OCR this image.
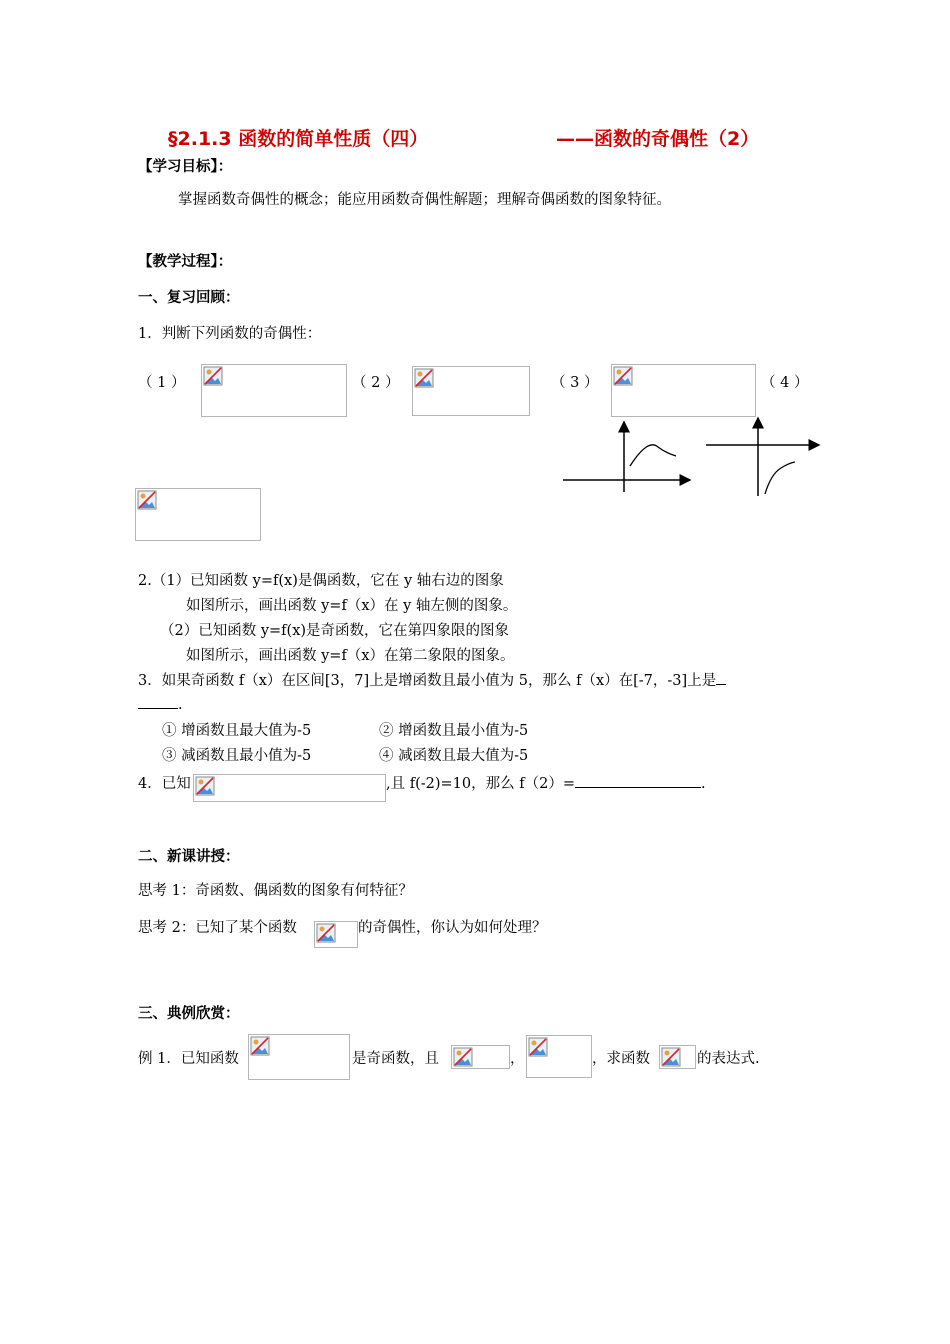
§2.1.3 函数的简单性质（四）	——函数的奇偶性（2）
【学习目标】：
掌握函数奇偶性的概念；能应用函数奇偶性解题；理解奇偶函数的图象特征。
【教学过程】：
一、复习回顾：
1．判断下列函数的奇偶性：
（ 1 ）	（ 2 ）	（ 3 ）	（ 4 ）
2.（1）已知函数 y=f(x)是偶函数，它在 y 轴右边的图象
如图所示，画出函数 y=f（x）在 y 轴左侧的图象。
（2）已知函数 y=f(x)是奇函数，它在第四象限的图象
如图所示，画出函数 y=f（x）在第二象限的图象。
3．如果奇函数 f（x）在区间[3，7]上是增函数且最小值为 5，那么 f（x）在[-7，-3]上是
.
① 增函数且最大值为-5	② 增函数且最小值为-5
③ 减函数且最小值为-5	④ 减函数且最大值为-5
4．已知	,且 f(-2)=10，那么 f（2）=	.
二、新课讲授：
思考 1：奇函数、偶函数的图象有何特征？
思考 2：已知了某个函数	的奇偶性，你认为如何处理？
三、典例欣赏：
例 1．已知函数	是奇函数，且	，	，求函数	的表达式.
